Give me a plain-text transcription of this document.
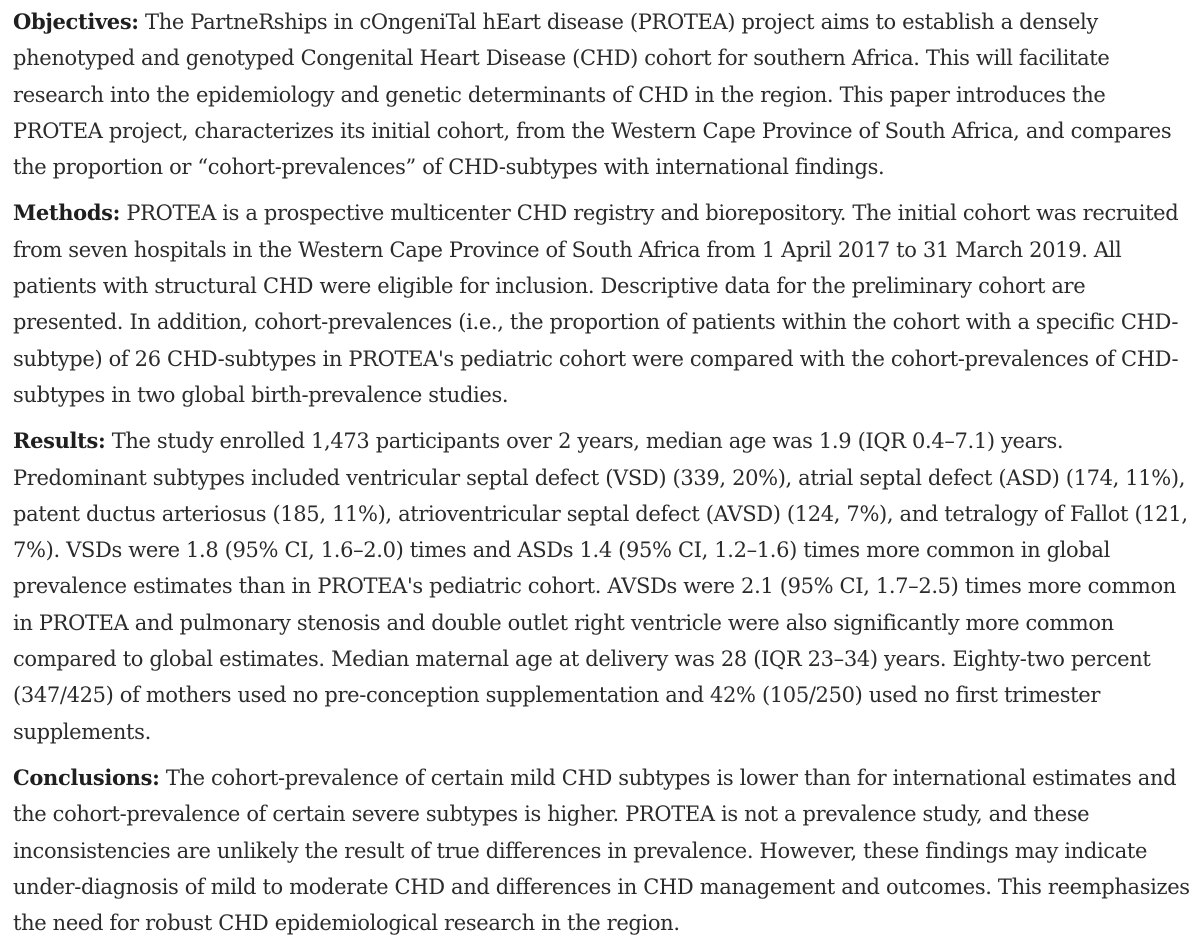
Objectives: The PartneRships in cOngeniTal hEart disease (PROTEA) project aims to establish a densely phenotyped and genotyped Congenital Heart Disease (CHD) cohort for southern Africa. This will facilitate research into the epidemiology and genetic determinants of CHD in the region. This paper introduces the PROTEA project, characterizes its initial cohort, from the Western Cape Province of South Africa, and compares the proportion or “cohort-prevalences” of CHD-subtypes with international findings.

Methods: PROTEA is a prospective multicenter CHD registry and biorepository. The initial cohort was recruited from seven hospitals in the Western Cape Province of South Africa from 1 April 2017 to 31 March 2019. All patients with structural CHD were eligible for inclusion. Descriptive data for the preliminary cohort are presented. In addition, cohort-prevalences (i.e., the proportion of patients within the cohort with a specific CHD-subtype) of 26 CHD-subtypes in PROTEA's pediatric cohort were compared with the cohort-prevalences of CHD-subtypes in two global birth-prevalence studies.

Results: The study enrolled 1,473 participants over 2 years, median age was 1.9 (IQR 0.4–7.1) years. Predominant subtypes included ventricular septal defect (VSD) (339, 20%), atrial septal defect (ASD) (174, 11%), patent ductus arteriosus (185, 11%), atrioventricular septal defect (AVSD) (124, 7%), and tetralogy of Fallot (121, 7%). VSDs were 1.8 (95% CI, 1.6–2.0) times and ASDs 1.4 (95% CI, 1.2–1.6) times more common in global prevalence estimates than in PROTEA's pediatric cohort. AVSDs were 2.1 (95% CI, 1.7–2.5) times more common in PROTEA and pulmonary stenosis and double outlet right ventricle were also significantly more common compared to global estimates. Median maternal age at delivery was 28 (IQR 23–34) years. Eighty-two percent (347/425) of mothers used no pre-conception supplementation and 42% (105/250) used no first trimester supplements.

Conclusions: The cohort-prevalence of certain mild CHD subtypes is lower than for international estimates and the cohort-prevalence of certain severe subtypes is higher. PROTEA is not a prevalence study, and these inconsistencies are unlikely the result of true differences in prevalence. However, these findings may indicate under-diagnosis of mild to moderate CHD and differences in CHD management and outcomes. This reemphasizes the need for robust CHD epidemiological research in the region.
